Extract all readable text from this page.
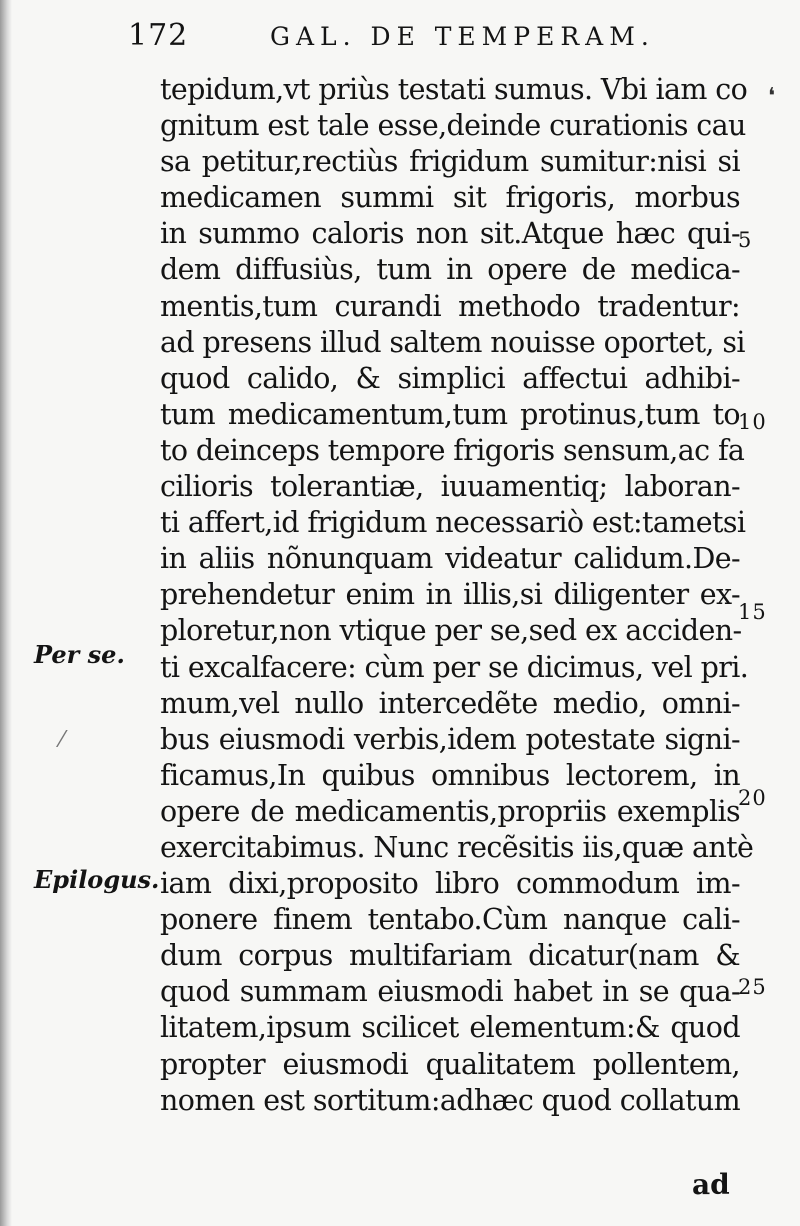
172	GAL. DE TEMPERAM.
tepidum,vt priùs testati sumus. Vbi iam co
gnitum est tale esse,deinde curationis cau
sa petitur,rectiùs frigidum sumitur:nisi si
medicamen summi sit frigoris, morbus
in summo caloris non sit.Atque hæc qui-
dem diffusiùs, tum in opere de medica-
mentis,tum curandi methodo tradentur:
ad presens illud saltem nouisse oportet, si
quod calido, & simplici affectui adhibi-
tum medicamentum,tum protinus,tum to
to deinceps tempore frigoris sensum,ac fa
cilioris tolerantiæ, iuuamentiq; laboran-
ti affert,id frigidum necessariò est:tametsi
in aliis nõnunquam videatur calidum.De-
prehendetur enim in illis,si diligenter ex-
ploretur,non vtique per se,sed ex acciden-
ti excalfacere: cùm per se dicimus, vel pri.
mum,vel nullo intercedẽte medio, omni-
bus eiusmodi verbis,idem potestate signi-
ficamus,In quibus omnibus lectorem, in
opere de medicamentis,propriis exemplis
exercitabimus. Nunc recẽsitis iis,quæ antè
iam dixi,proposito libro commodum im-
ponere finem tentabo.Cùm nanque cali-
dum corpus multifariam dicatur(nam &
quod summam eiusmodi habet in se qua-
litatem,ipsum scilicet elementum:& quod
propter eiusmodi qualitatem pollentem,
nomen est sortitum:adhæc quod collatum
ad
5
10
15
20
25
Per se.
Epilogus.
❛
⁄
